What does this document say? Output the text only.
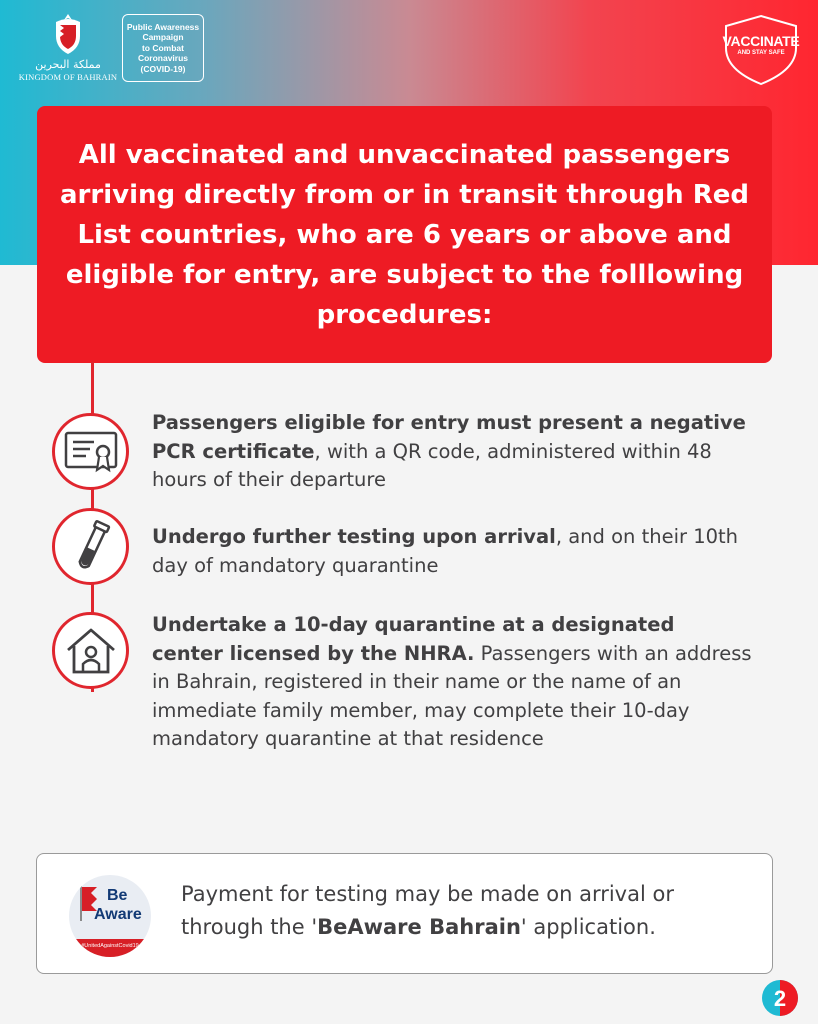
مملكة البحرين
KINGDOM OF BAHRAIN
Public Awareness
Campaign
to Combat
Coronavirus
(COVID-19)
VACCINATE
AND STAY SAFE
All vaccinated and unvaccinated passengers arriving directly from or in transit through Red List countries, who are 6 years or above and eligible for entry, are subject to the folllowing procedures:
Passengers eligible for entry must present a negative PCR certificate, with a QR code, administered within 48 hours of their departure
Undergo further testing upon arrival, and on their 10th day of mandatory quarantine
Undertake a 10-day quarantine at a designated center licensed by the NHRA. Passengers with an address in Bahrain, registered in their name or the name of an immediate family member, may complete their 10-day mandatory quarantine at that residence
Be
Aware
#UnitedAgainstCovid19
Payment for testing may be made on arrival or through the 'BeAware Bahrain' application.
2
